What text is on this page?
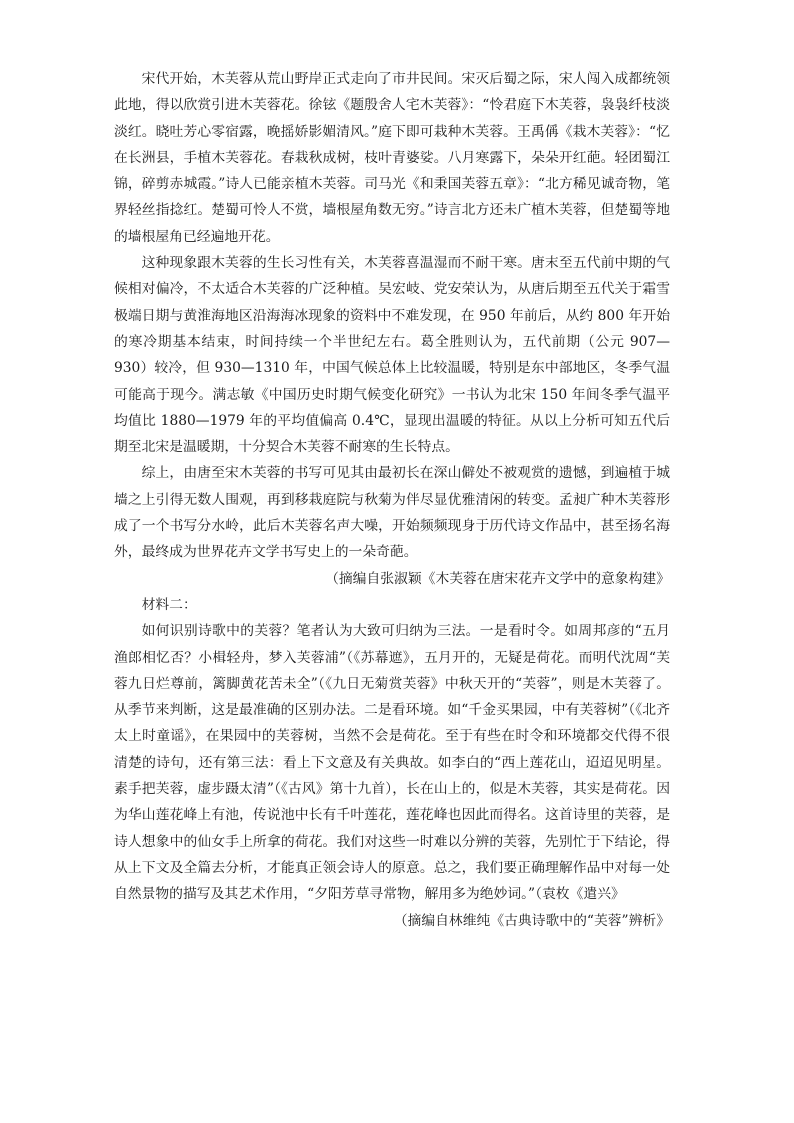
宋代开始，木芙蓉从荒山野岸正式走向了市井民间。宋灭后蜀之际，宋人闯入成都统领此地，得以欣赏引进木芙蓉花。徐铉《题殷舍人宅木芙蓉》：“怜君庭下木芙蓉，袅袅纤枝淡淡红。晓吐芳心零宿露，晚摇娇影媚清风。”庭下即可栽种木芙蓉。王禹偁《栽木芙蓉》：“忆在长洲县，手植木芙蓉花。春栽秋成树，枝叶青婆娑。八月寒露下，朵朵开红葩。轻团蜀江锦，碎剪赤城霞。”诗人已能亲植木芙蓉。司马光《和秉国芙蓉五章》：“北方稀见诚奇物，笔界轻丝指捻红。楚蜀可怜人不赏，墙根屋角数无穷。”诗言北方还未广植木芙蓉，但楚蜀等地的墙根屋角已经遍地开花。

这种现象跟木芙蓉的生长习性有关，木芙蓉喜温湿而不耐干寒。唐末至五代前中期的气候相对偏冷，不太适合木芙蓉的广泛种植。吴宏岐、党安荣认为，从唐后期至五代关于霜雪极端日期与黄淮海地区沿海海冰现象的资料中不难发现，在 950 年前后，从约 800 年开始的寒冷期基本结束，时间持续一个半世纪左右。葛全胜则认为，五代前期（公元 907—930）较冷，但 930—1310 年，中国气候总体上比较温暖，特别是东中部地区，冬季气温可能高于现今。满志敏《中国历史时期气候变化研究》一书认为北宋 150 年间冬季气温平均值比 1880—1979 年的平均值偏高 0.4℃，显现出温暖的特征。从以上分析可知五代后期至北宋是温暖期，十分契合木芙蓉不耐寒的生长特点。

综上，由唐至宋木芙蓉的书写可见其由最初长在深山僻处不被观赏的遗憾，到遍植于城墙之上引得无数人围观，再到移栽庭院与秋菊为伴尽显优雅清闲的转变。孟昶广种木芙蓉形成了一个书写分水岭，此后木芙蓉名声大噪，开始频频现身于历代诗文作品中，甚至扬名海外，最终成为世界花卉文学书写史上的一朵奇葩。

（摘编自张淑颖《木芙蓉在唐宋花卉文学中的意象构建》

材料二：

如何识别诗歌中的芙蓉？笔者认为大致可归纳为三法。一是看时令。如周邦彦的“五月渔郎相忆否？小楫轻舟，梦入芙蓉浦”（《苏幕遮》，五月开的，无疑是荷花。而明代沈周“芙蓉九日烂尊前，篱脚黄花苦未全”（《九日无菊赏芙蓉》中秋天开的“芙蓉”，则是木芙蓉了。从季节来判断，这是最准确的区别办法。二是看环境。如“千金买果园，中有芙蓉树”（《北齐太上时童谣》，在果园中的芙蓉树，当然不会是荷花。至于有些在时令和环境都交代得不很清楚的诗句，还有第三法：看上下文意及有关典故。如李白的“西上莲花山，迢迢见明星。素手把芙蓉，虚步蹑太清”（《古风》第十九首），长在山上的，似是木芙蓉，其实是荷花。因为华山莲花峰上有池，传说池中长有千叶莲花，莲花峰也因此而得名。这首诗里的芙蓉，是诗人想象中的仙女手上所拿的荷花。我们对这些一时难以分辨的芙蓉，先别忙于下结论，得从上下文及全篇去分析，才能真正领会诗人的原意。总之，我们要正确理解作品中对每一处自然景物的描写及其艺术作用，“夕阳芳草寻常物，解用多为绝妙词。”（袁枚《遣兴》

（摘编自林维纯《古典诗歌中的“芙蓉”辨析》
